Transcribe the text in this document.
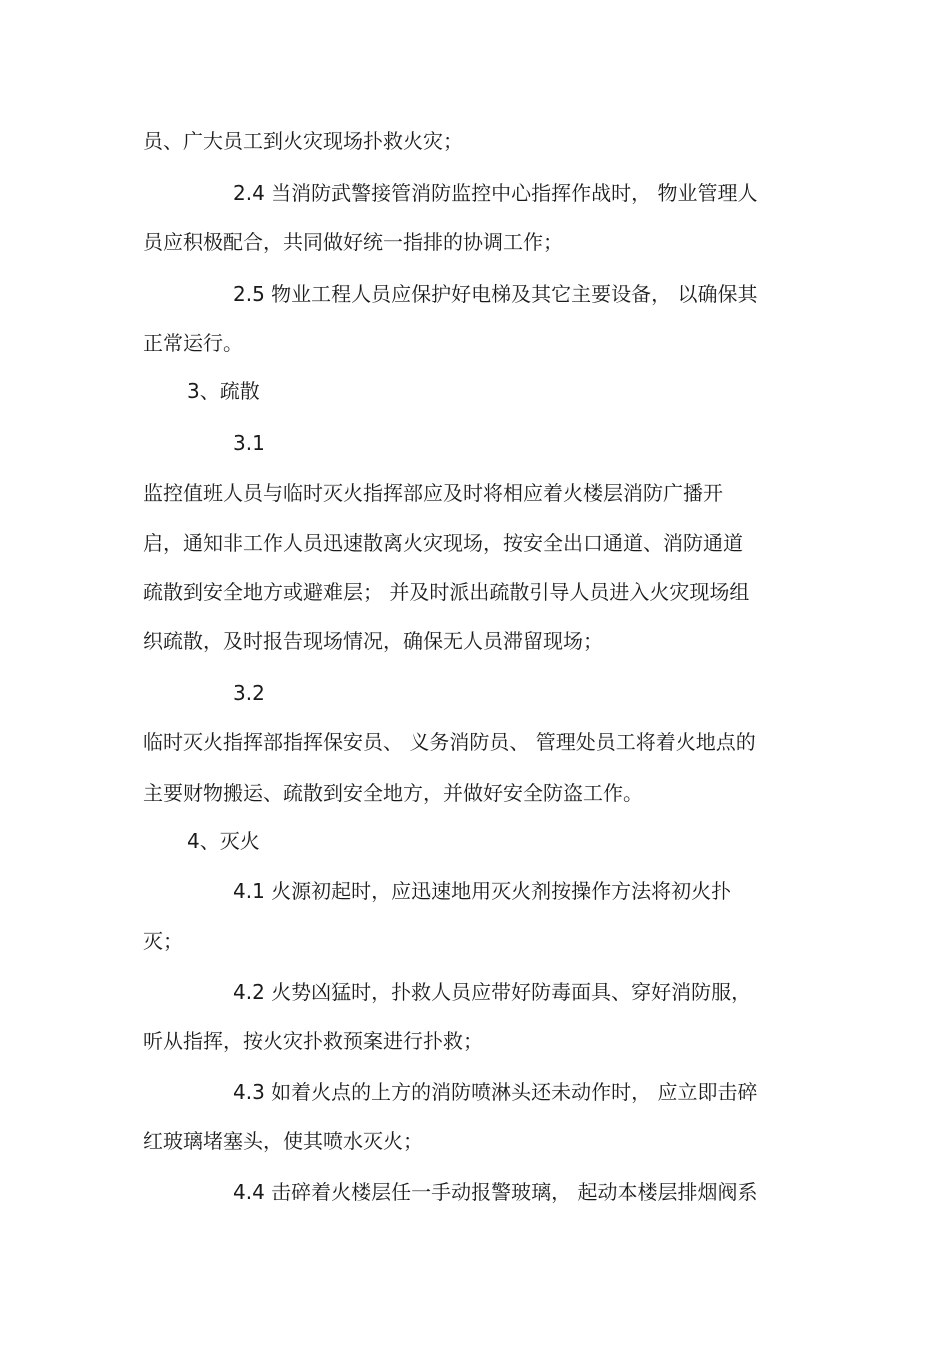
员、广大员工到火灾现场扑救火灾；
2.4 当消防武警接管消防监控中心指挥作战时， 物业管理人
员应积极配合，共同做好统一指排的协调工作；
2.5 物业工程人员应保护好电梯及其它主要设备， 以确保其
正常运行。
3、疏散
3.1
监控值班人员与临时灭火指挥部应及时将相应着火楼层消防广播开
启，通知非工作人员迅速散离火灾现场，按安全出口通道、消防通道
疏散到安全地方或避难层； 并及时派出疏散引导人员进入火灾现场组
织疏散，及时报告现场情况，确保无人员滞留现场；
3.2
临时灭火指挥部指挥保安员、 义务消防员、 管理处员工将着火地点的
主要财物搬运、疏散到安全地方，并做好安全防盗工作。
4、灭火
4.1 火源初起时，应迅速地用灭火剂按操作方法将初火扑
灭；
4.2 火势凶猛时，扑救人员应带好防毒面具、穿好消防服，
听从指挥，按火灾扑救预案进行扑救；
4.3 如着火点的上方的消防喷淋头还未动作时， 应立即击碎
红玻璃堵塞头，使其喷水灭火；
4.4 击碎着火楼层任一手动报警玻璃， 起动本楼层排烟阀系
